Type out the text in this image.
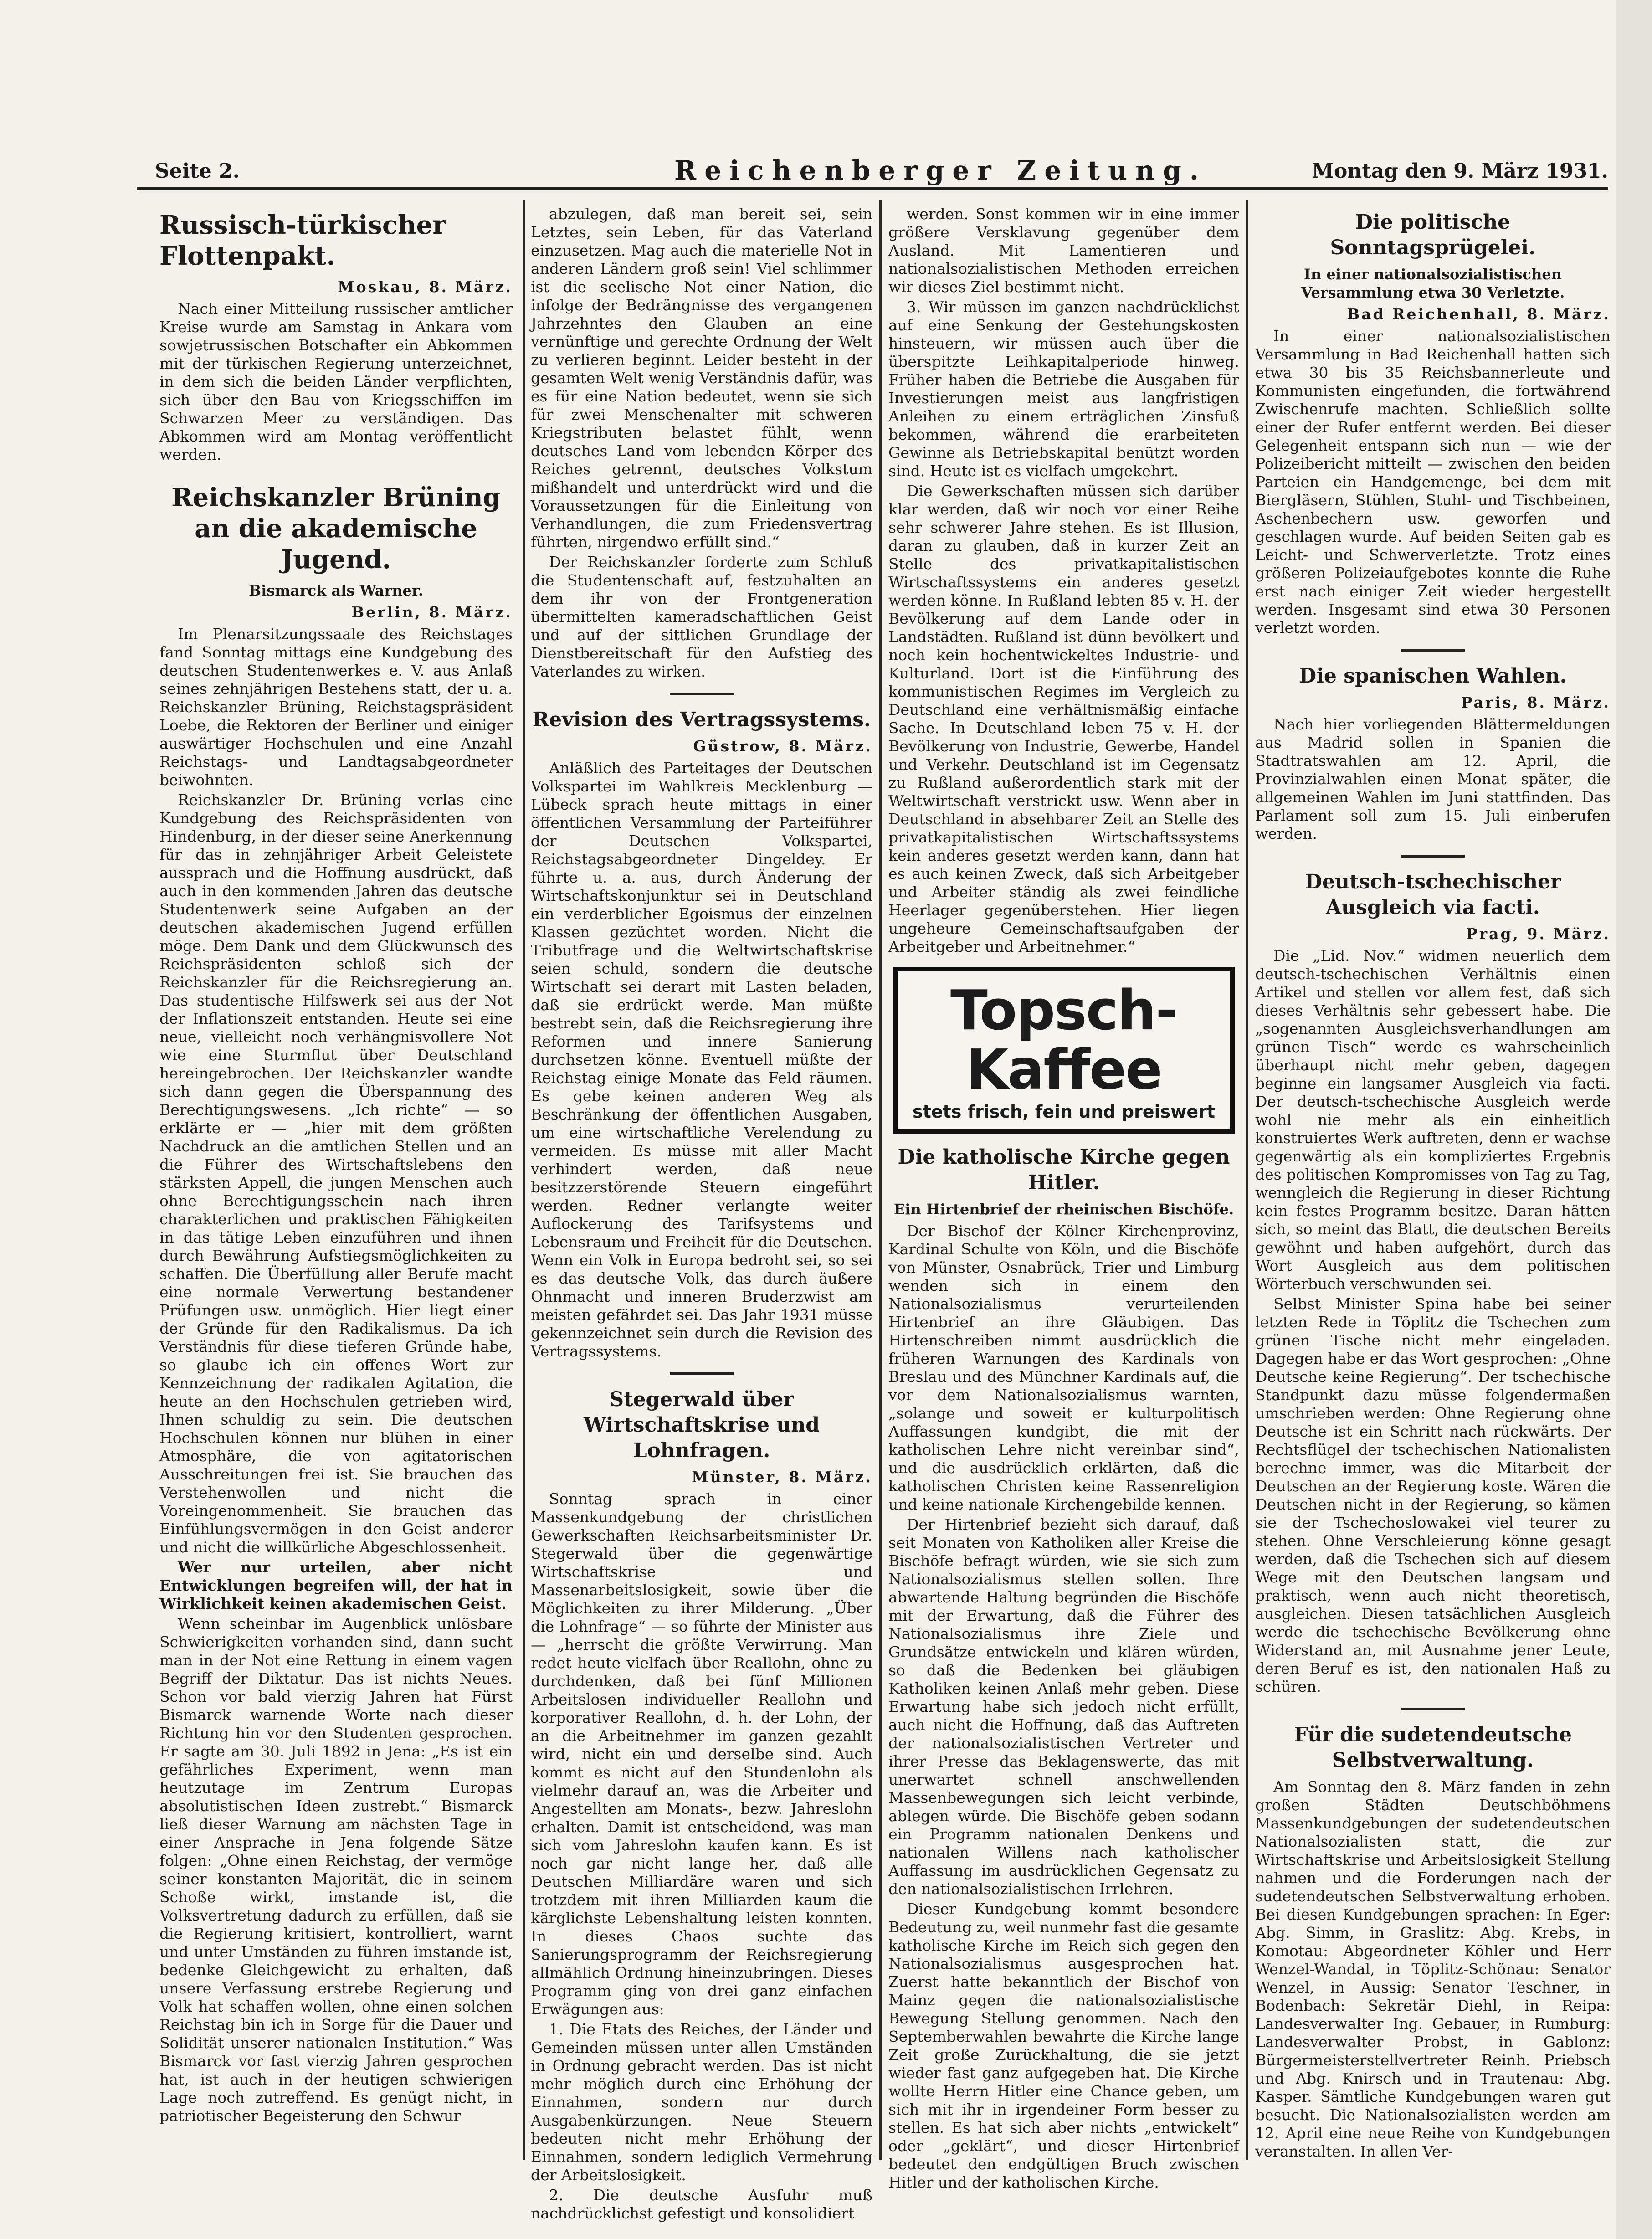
Seite 2.	Reichenberger Zeitung.	Montag den 9. März 1931.
Russisch-türkischer Flottenpakt.
Moskau, 8. März.

Nach einer Mitteilung russischer amtlicher Kreise wurde am Samstag in Ankara vom sowjetrussischen Botschafter ein Abkommen mit der türkischen Regierung unterzeichnet, in dem sich die beiden Länder verpflichten, sich über den Bau von Kriegsschiffen im Schwarzen Meer zu verständigen. Das Abkommen wird am Montag veröffentlicht werden.

Reichskanzler Brüning an die akademische Jugend.
Bismarck als Warner.
Berlin, 8. März.

Im Plenarsitzungssaale des Reichstages fand Sonntag mittags eine Kundgebung des deutschen Studentenwerkes e. V. aus Anlaß seines zehnjährigen Bestehens statt, der u. a. Reichskanzler Brüning, Reichstagspräsident Loebe, die Rektoren der Berliner und einiger auswärtiger Hochschulen und eine Anzahl Reichstags- und Landtagsabgeordneter beiwohnten.

Reichskanzler Dr. Brüning verlas eine Kundgebung des Reichspräsidenten von Hindenburg, in der dieser seine Anerkennung für das in zehnjähriger Arbeit Geleistete aussprach und die Hoffnung ausdrückt, daß auch in den kommenden Jahren das deutsche Studentenwerk seine Aufgaben an der deutschen akademischen Jugend erfüllen möge. Dem Dank und dem Glückwunsch des Reichspräsidenten schloß sich der Reichskanzler für die Reichsregierung an. Das studentische Hilfswerk sei aus der Not der Inflationszeit entstanden. Heute sei eine neue, vielleicht noch verhängnisvollere Not wie eine Sturmflut über Deutschland hereingebrochen. Der Reichskanzler wandte sich dann gegen die Überspannung des Berechtigungswesens. „Ich richte“ — so erklärte er — „hier mit dem größten Nachdruck an die amtlichen Stellen und an die Führer des Wirtschaftslebens den stärksten Appell, die jungen Menschen auch ohne Berechtigungsschein nach ihren charakterlichen und praktischen Fähigkeiten in das tätige Leben einzuführen und ihnen durch Bewährung Aufstiegsmöglichkeiten zu schaffen. Die Überfüllung aller Berufe macht eine normale Verwertung bestandener Prüfungen usw. unmöglich. Hier liegt einer der Gründe für den Radikalismus. Da ich Verständnis für diese tieferen Gründe habe, so glaube ich ein offenes Wort zur Kennzeichnung der radikalen Agitation, die heute an den Hochschulen getrieben wird, Ihnen schuldig zu sein. Die deutschen Hochschulen können nur blühen in einer Atmosphäre, die von agitatorischen Ausschreitungen frei ist. Sie brauchen das Verstehenwollen und nicht die Voreingenommenheit. Sie brauchen das Einfühlungsvermögen in den Geist anderer und nicht die willkürliche Abgeschlossenheit.

Wer nur urteilen, aber nicht Entwicklungen begreifen will, der hat in Wirklichkeit keinen akademischen Geist.

Wenn scheinbar im Augenblick unlösbare Schwierigkeiten vorhanden sind, dann sucht man in der Not eine Rettung in einem vagen Begriff der Diktatur. Das ist nichts Neues. Schon vor bald vierzig Jahren hat Fürst Bismarck warnende Worte nach dieser Richtung hin vor den Studenten gesprochen. Er sagte am 30. Juli 1892 in Jena: „Es ist ein gefährliches Experiment, wenn man heutzutage im Zentrum Europas absolutistischen Ideen zustrebt.“ Bismarck ließ dieser Warnung am nächsten Tage in einer Ansprache in Jena folgende Sätze folgen: „Ohne einen Reichstag, der vermöge seiner konstanten Majorität, die in seinem Schoße wirkt, imstande ist, die Volksvertretung dadurch zu erfüllen, daß sie die Regierung kritisiert, kontrolliert, warnt und unter Umständen zu führen imstande ist, bedenke Gleichgewicht zu erhalten, daß unsere Verfassung erstrebe Regierung und Volk hat schaffen wollen, ohne einen solchen Reichstag bin ich in Sorge für die Dauer und Solidität unserer nationalen Institution.“ Was Bismarck vor fast vierzig Jahren gesprochen hat, ist auch in der heutigen schwierigen Lage noch zutreffend. Es genügt nicht, in patriotischer Begeisterung den Schwur

abzulegen, daß man bereit sei, sein Letztes, sein Leben, für das Vaterland einzusetzen. Mag auch die materielle Not in anderen Ländern groß sein! Viel schlimmer ist die seelische Not einer Nation, die infolge der Bedrängnisse des vergangenen Jahrzehntes den Glauben an eine vernünftige und gerechte Ordnung der Welt zu verlieren beginnt. Leider besteht in der gesamten Welt wenig Verständnis dafür, was es für eine Nation bedeutet, wenn sie sich für zwei Menschenalter mit schweren Kriegstributen belastet fühlt, wenn deutsches Land vom lebenden Körper des Reiches getrennt, deutsches Volkstum mißhandelt und unterdrückt wird und die Voraussetzungen für die Einleitung von Verhandlungen, die zum Friedensvertrag führten, nirgendwo erfüllt sind.“

Der Reichskanzler forderte zum Schluß die Studentenschaft auf, festzuhalten an dem ihr von der Frontgeneration übermittelten kameradschaftlichen Geist und auf der sittlichen Grundlage der Dienstbereitschaft für den Aufstieg des Vaterlandes zu wirken.

Revision des Vertragssystems.
Güstrow, 8. März.

Anläßlich des Parteitages der Deutschen Volkspartei im Wahlkreis Mecklenburg — Lübeck sprach heute mittags in einer öffentlichen Versammlung der Parteiführer der Deutschen Volkspartei, Reichstagsabgeordneter Dingeldey. Er führte u. a. aus, durch Änderung der Wirtschaftskonjunktur sei in Deutschland ein verderblicher Egoismus der einzelnen Klassen gezüchtet worden. Nicht die Tributfrage und die Weltwirtschaftskrise seien schuld, sondern die deutsche Wirtschaft sei derart mit Lasten beladen, daß sie erdrückt werde. Man müßte bestrebt sein, daß die Reichsregierung ihre Reformen und innere Sanierung durchsetzen könne. Eventuell müßte der Reichstag einige Monate das Feld räumen. Es gebe keinen anderen Weg als Beschränkung der öffentlichen Ausgaben, um eine wirtschaftliche Verelendung zu vermeiden. Es müsse mit aller Macht verhindert werden, daß neue besitzzerstörende Steuern eingeführt werden. Redner verlangte weiter Auflockerung des Tarifsystems und Lebensraum und Freiheit für die Deutschen. Wenn ein Volk in Europa bedroht sei, so sei es das deutsche Volk, das durch äußere Ohnmacht und inneren Bruderzwist am meisten gefährdet sei. Das Jahr 1931 müsse gekennzeichnet sein durch die Revision des Vertragssystems.

Stegerwald über Wirtschaftskrise und Lohnfragen.
Münster, 8. März.

Sonntag sprach in einer Massenkundgebung der christlichen Gewerkschaften Reichsarbeitsminister Dr. Stegerwald über die gegenwärtige Wirtschaftskrise und Massenarbeitslosigkeit, sowie über die Möglichkeiten zu ihrer Milderung. „Über die Lohnfrage“ — so führte der Minister aus — „herrscht die größte Verwirrung. Man redet heute vielfach über Reallohn, ohne zu durchdenken, daß bei fünf Millionen Arbeitslosen individueller Reallohn und korporativer Reallohn, d. h. der Lohn, der an die Arbeitnehmer im ganzen gezahlt wird, nicht ein und derselbe sind. Auch kommt es nicht auf den Stundenlohn als vielmehr darauf an, was die Arbeiter und Angestellten am Monats-, bezw. Jahreslohn erhalten. Damit ist entscheidend, was man sich vom Jahreslohn kaufen kann. Es ist noch gar nicht lange her, daß alle Deutschen Milliardäre waren und sich trotzdem mit ihren Milliarden kaum die kärglichste Lebenshaltung leisten konnten. In dieses Chaos suchte das Sanierungsprogramm der Reichsregierung allmählich Ordnung hineinzubringen. Dieses Programm ging von drei ganz einfachen Erwägungen aus:

1. Die Etats des Reiches, der Länder und Gemeinden müssen unter allen Umständen in Ordnung gebracht werden. Das ist nicht mehr möglich durch eine Erhöhung der Einnahmen, sondern nur durch Ausgabenkürzungen. Neue Steuern bedeuten nicht mehr Erhöhung der Einnahmen, sondern lediglich Vermehrung der Arbeitslosigkeit.

2. Die deutsche Ausfuhr muß nachdrücklichst gefestigt und konsolidiert

werden. Sonst kommen wir in eine immer größere Versklavung gegenüber dem Ausland. Mit Lamentieren und nationalsozialistischen Methoden erreichen wir dieses Ziel bestimmt nicht.

3. Wir müssen im ganzen nachdrücklichst auf eine Senkung der Gestehungskosten hinsteuern, wir müssen auch über die überspitzte Leihkapitalperiode hinweg. Früher haben die Betriebe die Ausgaben für Investierungen meist aus langfristigen Anleihen zu einem erträglichen Zinsfuß bekommen, während die erarbeiteten Gewinne als Betriebskapital benützt worden sind. Heute ist es vielfach umgekehrt.

Die Gewerkschaften müssen sich darüber klar werden, daß wir noch vor einer Reihe sehr schwerer Jahre stehen. Es ist Illusion, daran zu glauben, daß in kurzer Zeit an Stelle des privatkapitalistischen Wirtschaftssystems ein anderes gesetzt werden könne. In Rußland lebten 85 v. H. der Bevölkerung auf dem Lande oder in Landstädten. Rußland ist dünn bevölkert und noch kein hochentwickeltes Industrie- und Kulturland. Dort ist die Einführung des kommunistischen Regimes im Vergleich zu Deutschland eine verhältnismäßig einfache Sache. In Deutschland leben 75 v. H. der Bevölkerung von Industrie, Gewerbe, Handel und Verkehr. Deutschland ist im Gegensatz zu Rußland außerordentlich stark mit der Weltwirtschaft verstrickt usw. Wenn aber in Deutschland in absehbarer Zeit an Stelle des privatkapitalistischen Wirtschaftssystems kein anderes gesetzt werden kann, dann hat es auch keinen Zweck, daß sich Arbeitgeber und Arbeiter ständig als zwei feindliche Heerlager gegenüberstehen. Hier liegen ungeheure Gemeinschaftsaufgaben der Arbeitgeber und Arbeitnehmer.“

Topsch-Kaffee
stets frisch, fein und preiswert
Die katholische Kirche gegen Hitler.
Ein Hirtenbrief der rheinischen Bischöfe.

Der Bischof der Kölner Kirchenprovinz, Kardinal Schulte von Köln, und die Bischöfe von Münster, Osnabrück, Trier und Limburg wenden sich in einem den Nationalsozialismus verurteilenden Hirtenbrief an ihre Gläubigen. Das Hirtenschreiben nimmt ausdrücklich die früheren Warnungen des Kardinals von Breslau und des Münchner Kardinals auf, die vor dem Nationalsozialismus warnten, „solange und soweit er kulturpolitisch Auffassungen kundgibt, die mit der katholischen Lehre nicht vereinbar sind“, und die ausdrücklich erklärten, daß die katholischen Christen keine Rassenreligion und keine nationale Kirchengebilde kennen.

Der Hirtenbrief bezieht sich darauf, daß seit Monaten von Katholiken aller Kreise die Bischöfe befragt würden, wie sie sich zum Nationalsozialismus stellen sollen. Ihre abwartende Haltung begründen die Bischöfe mit der Erwartung, daß die Führer des Nationalsozialismus ihre Ziele und Grundsätze entwickeln und klären würden, so daß die Bedenken bei gläubigen Katholiken keinen Anlaß mehr geben. Diese Erwartung habe sich jedoch nicht erfüllt, auch nicht die Hoffnung, daß das Auftreten der nationalsozialistischen Vertreter und ihrer Presse das Beklagenswerte, das mit unerwartet schnell anschwellenden Massenbewegungen sich leicht verbinde, ablegen würde. Die Bischöfe geben sodann ein Programm nationalen Denkens und nationalen Willens nach katholischer Auffassung im ausdrücklichen Gegensatz zu den nationalsozialistischen Irrlehren.

Dieser Kundgebung kommt besondere Bedeutung zu, weil nunmehr fast die gesamte katholische Kirche im Reich sich gegen den Nationalsozialismus ausgesprochen hat. Zuerst hatte bekanntlich der Bischof von Mainz gegen die nationalsozialistische Bewegung Stellung genommen. Nach den Septemberwahlen bewahrte die Kirche lange Zeit große Zurückhaltung, die sie jetzt wieder fast ganz aufgegeben hat. Die Kirche wollte Herrn Hitler eine Chance geben, um sich mit ihr in irgendeiner Form besser zu stellen. Es hat sich aber nichts „entwickelt“ oder „geklärt“, und dieser Hirtenbrief bedeutet den endgültigen Bruch zwischen Hitler und der katholischen Kirche.

Die politische Sonntagsprügelei.
In einer nationalsozialistischen Versammlung etwa 30 Verletzte.
Bad Reichenhall, 8. März.

In einer nationalsozialistischen Versammlung in Bad Reichenhall hatten sich etwa 30 bis 35 Reichsbannerleute und Kommunisten eingefunden, die fortwährend Zwischenrufe machten. Schließlich sollte einer der Rufer entfernt werden. Bei dieser Gelegenheit entspann sich nun — wie der Polizeibericht mitteilt — zwischen den beiden Parteien ein Handgemenge, bei dem mit Biergläsern, Stühlen, Stuhl- und Tischbeinen, Aschenbechern usw. geworfen und geschlagen wurde. Auf beiden Seiten gab es Leicht- und Schwerverletzte. Trotz eines größeren Polizeiaufgebotes konnte die Ruhe erst nach einiger Zeit wieder hergestellt werden. Insgesamt sind etwa 30 Personen verletzt worden.

Die spanischen Wahlen.
Paris, 8. März.

Nach hier vorliegenden Blättermeldungen aus Madrid sollen in Spanien die Stadtratswahlen am 12. April, die Provinzialwahlen einen Monat später, die allgemeinen Wahlen im Juni stattfinden. Das Parlament soll zum 15. Juli einberufen werden.

Deutsch-tschechischer Ausgleich via facti.
Prag, 9. März.

Die „Lid. Nov.“ widmen neuerlich dem deutsch-tschechischen Verhältnis einen Artikel und stellen vor allem fest, daß sich dieses Verhältnis sehr gebessert habe. Die „sogenannten Ausgleichsverhandlungen am grünen Tisch“ werde es wahrscheinlich überhaupt nicht mehr geben, dagegen beginne ein langsamer Ausgleich via facti. Der deutsch-tschechische Ausgleich werde wohl nie mehr als ein einheitlich konstruiertes Werk auftreten, denn er wachse gegenwärtig als ein kompliziertes Ergebnis des politischen Kompromisses von Tag zu Tag, wenngleich die Regierung in dieser Richtung kein festes Programm besitze. Daran hätten sich, so meint das Blatt, die deutschen Bereits gewöhnt und haben aufgehört, durch das Wort Ausgleich aus dem politischen Wörterbuch verschwunden sei.

Selbst Minister Spina habe bei seiner letzten Rede in Töplitz die Tschechen zum grünen Tische nicht mehr eingeladen. Dagegen habe er das Wort gesprochen: „Ohne Deutsche keine Regierung“. Der tschechische Standpunkt dazu müsse folgendermaßen umschrieben werden: Ohne Regierung ohne Deutsche ist ein Schritt nach rückwärts. Der Rechtsflügel der tschechischen Nationalisten berechne immer, was die Mitarbeit der Deutschen an der Regierung koste. Wären die Deutschen nicht in der Regierung, so kämen sie der Tschechoslowakei viel teurer zu stehen. Ohne Verschleierung könne gesagt werden, daß die Tschechen sich auf diesem Wege mit den Deutschen langsam und praktisch, wenn auch nicht theoretisch, ausgleichen. Diesen tatsächlichen Ausgleich werde die tschechische Bevölkerung ohne Widerstand an, mit Ausnahme jener Leute, deren Beruf es ist, den nationalen Haß zu schüren.

Für die sudetendeutsche Selbstverwaltung.

Am Sonntag den 8. März fanden in zehn großen Städten Deutschböhmens Massenkundgebungen der sudetendeutschen Nationalsozialisten statt, die zur Wirtschaftskrise und Arbeitslosigkeit Stellung nahmen und die Forderungen nach der sudetendeutschen Selbstverwaltung erhoben. Bei diesen Kundgebungen sprachen: In Eger: Abg. Simm, in Graslitz: Abg. Krebs, in Komotau: Abgeordneter Köhler und Herr Wenzel-Wandal, in Töplitz-Schönau: Senator Wenzel, in Aussig: Senator Teschner, in Bodenbach: Sekretär Diehl, in Reipa: Landesverwalter Ing. Gebauer, in Rumburg: Landesverwalter Probst, in Gablonz: Bürgermeisterstellvertreter Reinh. Priebsch und Abg. Knirsch und in Trautenau: Abg. Kasper. Sämtliche Kundgebungen waren gut besucht. Die Nationalsozialisten werden am 12. April eine neue Reihe von Kundgebungen veranstalten. In allen Ver-
